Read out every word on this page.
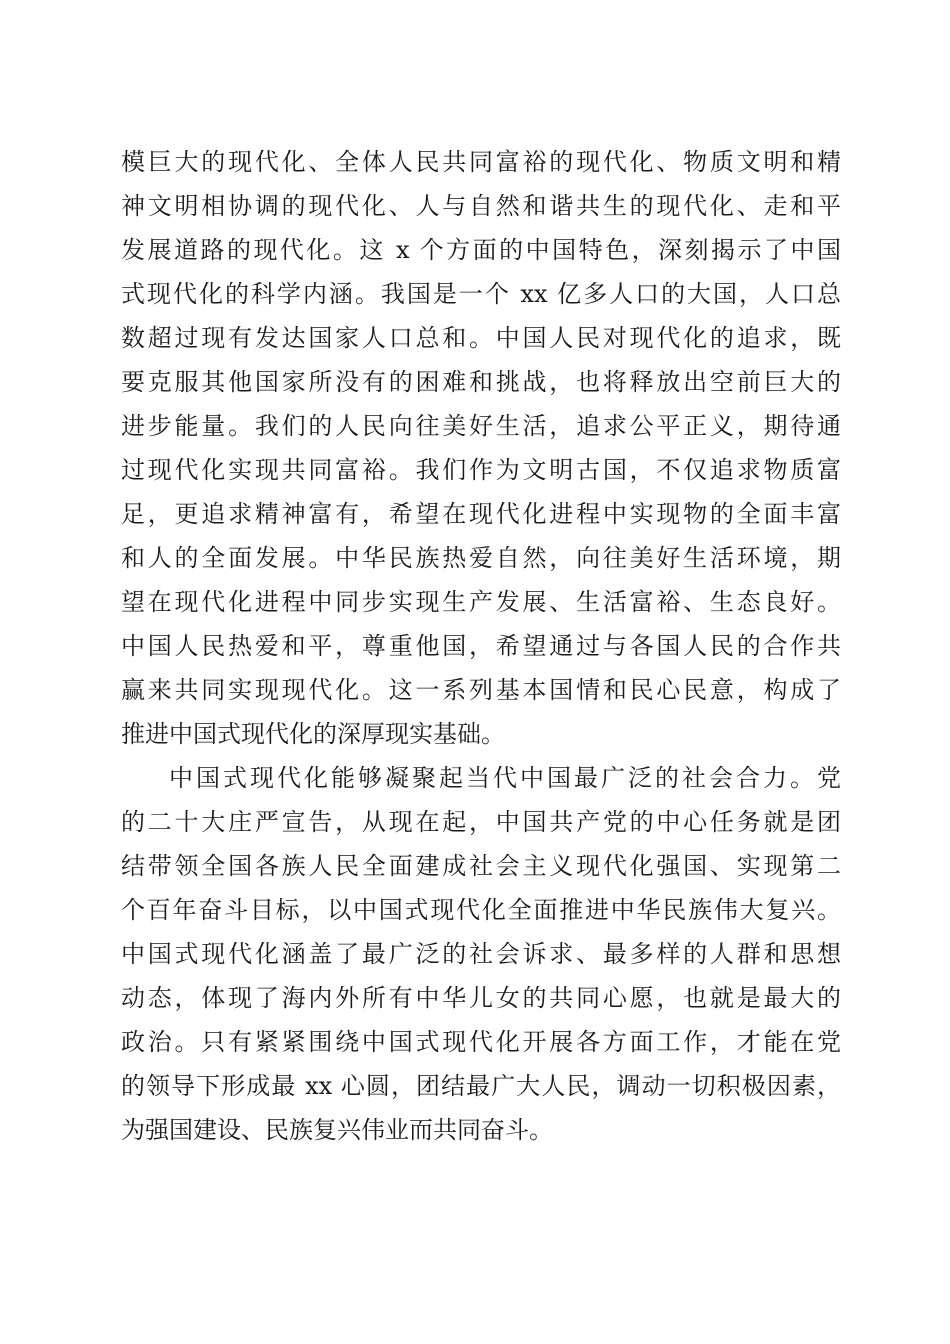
模巨大的现代化、全体人民共同富裕的现代化、物质文明和精
神文明相协调的现代化、人与自然和谐共生的现代化、走和平
发展道路的现代化。这 x 个方面的中国特色，深刻揭示了中国
式现代化的科学内涵。我国是一个 xx 亿多人口的大国，人口总
数超过现有发达国家人口总和。中国人民对现代化的追求，既
要克服其他国家所没有的困难和挑战，也将释放出空前巨大的
进步能量。我们的人民向往美好生活，追求公平正义，期待通
过现代化实现共同富裕。我们作为文明古国，不仅追求物质富
足，更追求精神富有，希望在现代化进程中实现物的全面丰富
和人的全面发展。中华民族热爱自然，向往美好生活环境，期
望在现代化进程中同步实现生产发展、生活富裕、生态良好。
中国人民热爱和平，尊重他国，希望通过与各国人民的合作共
赢来共同实现现代化。这一系列基本国情和民心民意，构成了
推进中国式现代化的深厚现实基础。
中国式现代化能够凝聚起当代中国最广泛的社会合力。党
的二十大庄严宣告，从现在起，中国共产党的中心任务就是团
结带领全国各族人民全面建成社会主义现代化强国、实现第二
个百年奋斗目标，以中国式现代化全面推进中华民族伟大复兴。
中国式现代化涵盖了最广泛的社会诉求、最多样的人群和思想
动态，体现了海内外所有中华儿女的共同心愿，也就是最大的
政治。只有紧紧围绕中国式现代化开展各方面工作，才能在党
的领导下形成最 xx 心圆，团结最广大人民，调动一切积极因素，
为强国建设、民族复兴伟业而共同奋斗。
